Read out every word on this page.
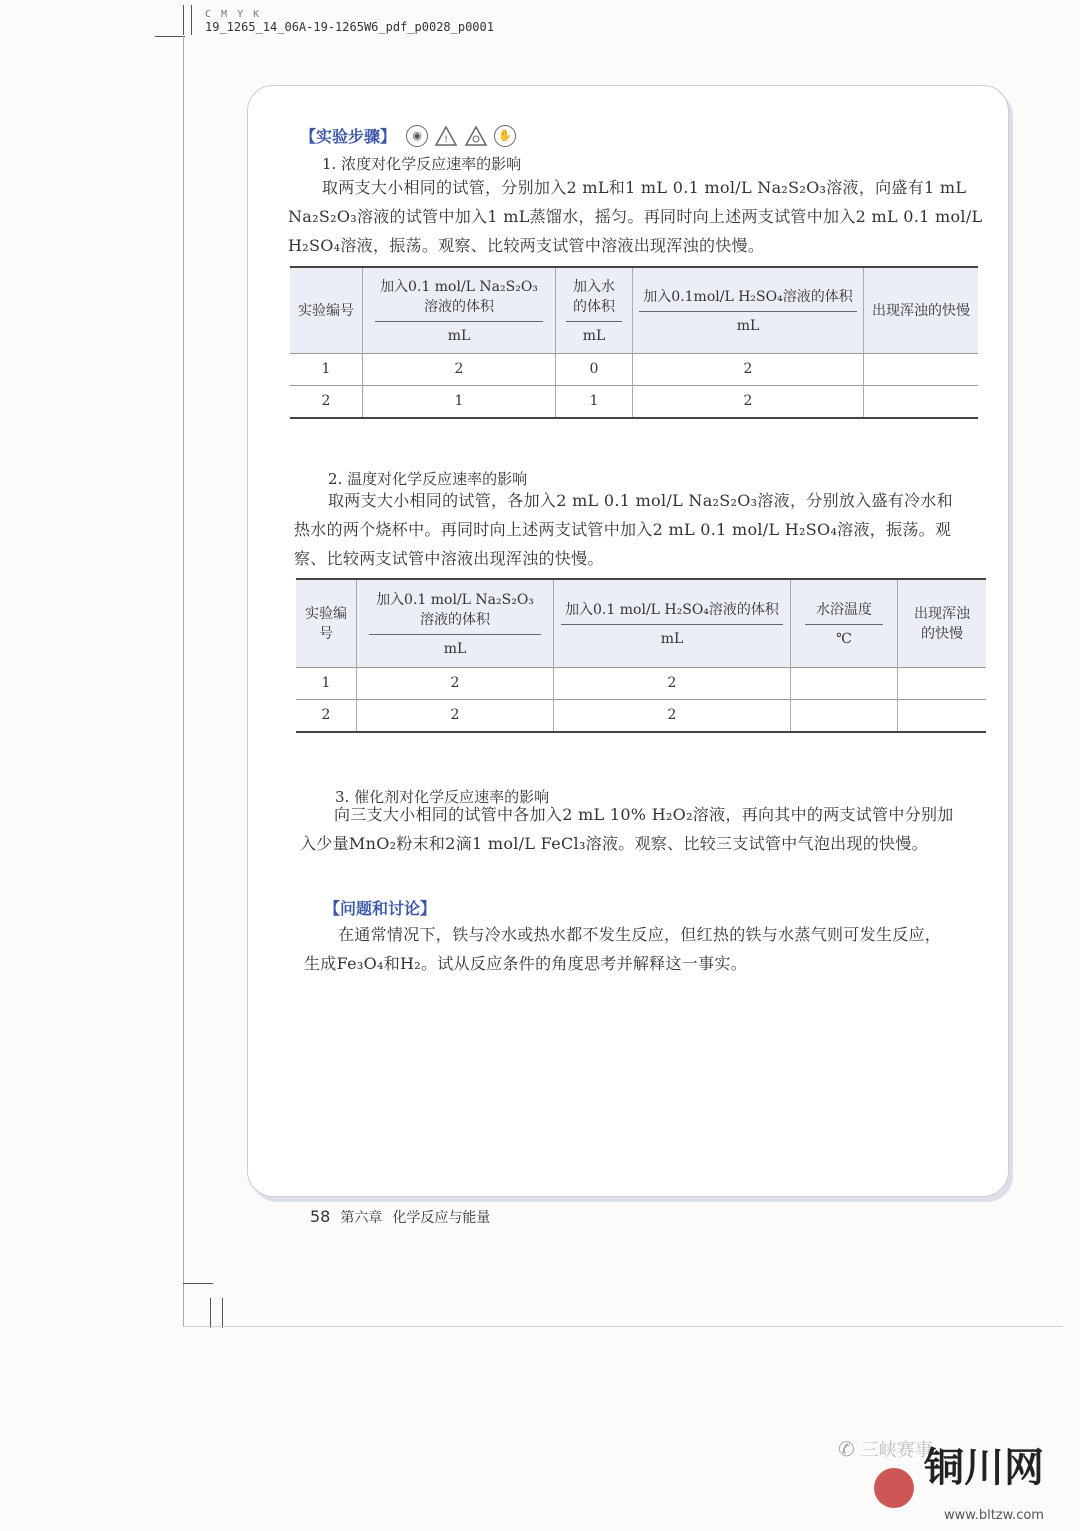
C M Y K
19_1265_14_06A-19-1265W6_pdf_p0028_p0001
【实验步骤】	◉	!	✋
1. 浓度对化学反应速率的影响
取两支大小相同的试管，分别加入2 mL和1 mL 0.1 mol/L Na₂S₂O₃溶液，向盛有1 mL
Na₂S₂O₃溶液的试管中加入1 mL蒸馏水，摇匀。再同时向上述两支试管中加入2 mL 0.1 mol/L
H₂SO₄溶液，振荡。观察、比较两支试管中溶液出现浑浊的快慢。
实验编号	$\frac{\text{加入0.1 mol/L Na₂S₂O₃溶液的体积}}{mL}$	$\frac{\text{加入水的体积}}{mL}$	$\frac{\text{加入0.1mol/L H₂SO₄溶液的体积}}{mL}$	出现浑浊的快慢
1	2	0	2	
2	1	1	2	
2. 温度对化学反应速率的影响
取两支大小相同的试管，各加入2 mL 0.1 mol/L Na₂S₂O₃溶液，分别放入盛有冷水和
热水的两个烧杯中。再同时向上述两支试管中加入2 mL 0.1 mol/L H₂SO₄溶液，振荡。观
察、比较两支试管中溶液出现浑浊的快慢。
实验编号	$\frac{\text{加入0.1 mol/L Na₂S₂O₃溶液的体积}}{mL}$	$\frac{\text{加入0.1 mol/L H₂SO₄溶液的体积}}{mL}$	$\frac{\text{水浴温度}}{℃}$	出现浑浊的快慢
1	2	2		
2	2	2		
3. 催化剂对化学反应速率的影响
向三支大小相同的试管中各加入2 mL 10% H₂O₂溶液，再向其中的两支试管中分别加
入少量MnO₂粉末和2滴1 mol/L FeCl₃溶液。观察、比较三支试管中气泡出现的快慢。
【问题和讨论】
在通常情况下，铁与冷水或热水都不发生反应，但红热的铁与水蒸气则可发生反应，
生成Fe₃O₄和H₂。试从反应条件的角度思考并解释这一事实。
58 第六章 化学反应与能量
✆ 三峡赛事
铜川网
www.bltzw.com
